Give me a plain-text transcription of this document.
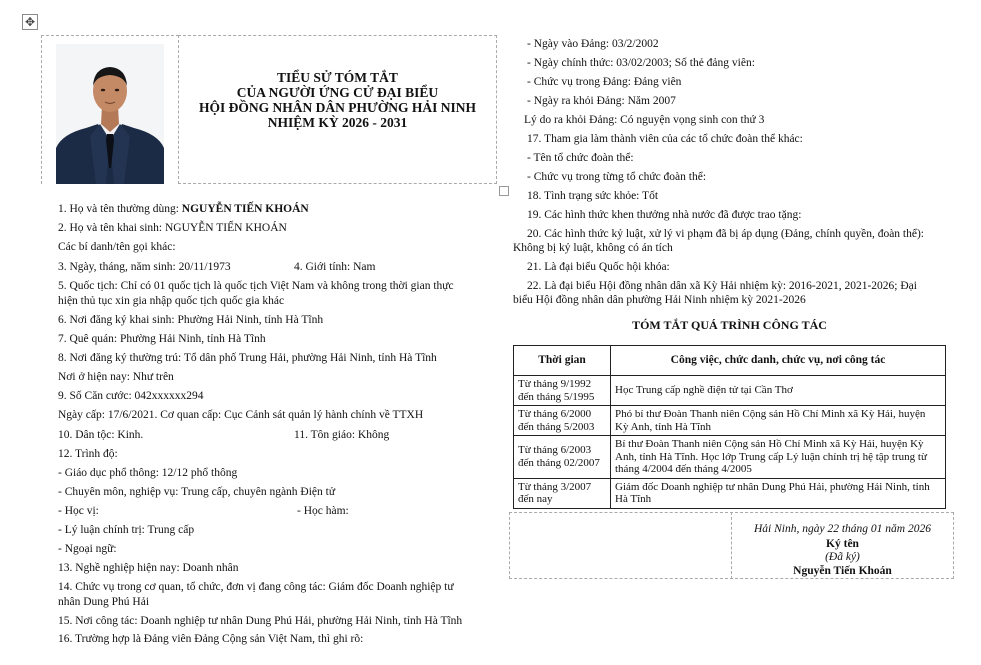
✥
TIỂU SỬ TÓM TẮT
CỦA NGƯỜI ỨNG CỬ ĐẠI BIỂU
HỘI ĐỒNG NHÂN DÂN PHƯỜNG HẢI NINH
NHIỆM KỲ 2026 - 2031
1. Họ và tên thường dùng: NGUYỄN TIẾN KHOÁN
2. Họ và tên khai sinh: NGUYỄN TIẾN KHOÁN
Các bí danh/tên gọi khác:
3. Ngày, tháng, năm sinh: 20/11/1973	4. Giới tính: Nam
5. Quốc tịch: Chỉ có 01 quốc tịch là quốc tịch Việt Nam và không trong thời gian thực
hiện thủ tục xin gia nhập quốc tịch quốc gia khác
6. Nơi đăng ký khai sinh: Phường Hải Ninh, tỉnh Hà Tĩnh
7. Quê quán: Phường Hải Ninh, tỉnh Hà Tĩnh
8. Nơi đăng ký thường trú: Tổ dân phố Trung Hải, phường Hải Ninh, tỉnh Hà Tĩnh
Nơi ở hiện nay: Như trên
9. Số Căn cước: 042xxxxxx294
Ngày cấp: 17/6/2021. Cơ quan cấp: Cục Cảnh sát quản lý hành chính về TTXH
10. Dân tộc: Kinh.	11. Tôn giáo: Không
12. Trình độ:
- Giáo dục phổ thông: 12/12 phổ thông
- Chuyên môn, nghiệp vụ: Trung cấp, chuyên ngành Điện tử
- Học vị:	- Học hàm:
- Lý luận chính trị: Trung cấp
- Ngoại ngữ:
13. Nghề nghiệp hiện nay: Doanh nhân
14. Chức vụ trong cơ quan, tổ chức, đơn vị đang công tác: Giám đốc Doanh nghiệp tư
nhân Dung Phú Hải
15. Nơi công tác: Doanh nghiệp tư nhân Dung Phú Hải, phường Hải Ninh, tỉnh Hà Tĩnh
16. Trường hợp là Đảng viên Đảng Cộng sản Việt Nam, thì ghi rõ:
- Ngày vào Đảng: 03/2/2002
- Ngày chính thức: 03/02/2003; Số thẻ đảng viên:
- Chức vụ trong Đảng: Đảng viên
- Ngày ra khỏi Đảng: Năm 2007
Lý do ra khỏi Đảng: Có nguyện vọng sinh con thứ 3
17. Tham gia làm thành viên của các tổ chức đoàn thể khác:
- Tên tổ chức đoàn thể:
- Chức vụ trong từng tổ chức đoàn thể:
18. Tình trạng sức khỏe: Tốt
19. Các hình thức khen thưởng nhà nước đã được trao tặng:
20. Các hình thức kỷ luật, xử lý vi phạm đã bị áp dụng (Đảng, chính quyền, đoàn thể):
Không bị kỷ luật, không có án tích
21. Là đại biểu Quốc hội khóa:
22. Là đại biểu Hội đồng nhân dân xã Kỳ Hải nhiệm kỳ: 2016-2021, 2021-2026; Đại
biểu Hội đồng nhân dân phường Hải Ninh nhiệm kỳ 2021-2026
TÓM TẮT QUÁ TRÌNH CÔNG TÁC
Thời gian	Công việc, chức danh, chức vụ, nơi công tác
Từ tháng 9/1992 đến tháng 5/1995	Học Trung cấp nghề điện tử tại Cần Thơ
Từ tháng 6/2000 đến tháng 5/2003	Phó bí thư Đoàn Thanh niên Cộng sản Hồ Chí Minh xã Kỳ Hải, huyện Kỳ Anh, tỉnh Hà Tĩnh
Từ tháng 6/2003 đến tháng 02/2007	Bí thư Đoàn Thanh niên Cộng sản Hồ Chí Minh xã Kỳ Hải, huyện Kỳ Anh, tỉnh Hà Tĩnh. Học lớp Trung cấp Lý luận chính trị hệ tập trung từ tháng 4/2004 đến tháng 4/2005
Từ tháng 3/2007 đến nay	Giám đốc Doanh nghiệp tư nhân Dung Phú Hải, phường Hải Ninh, tỉnh Hà Tĩnh
Hải Ninh, ngày 22 tháng 01 năm 2026
Ký tên
(Đã ký)
Nguyễn Tiến Khoán
